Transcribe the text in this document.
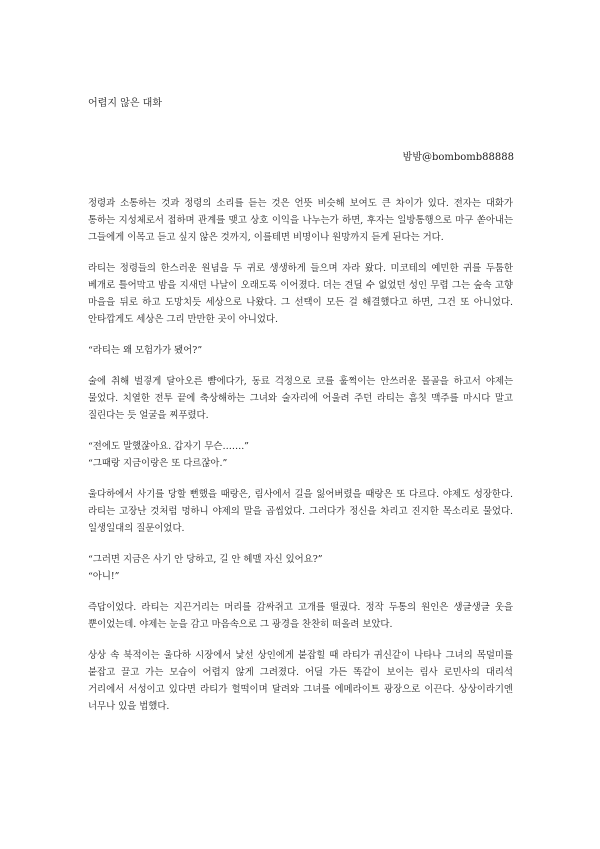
어렵지 않은 대화

밤밤@bombomb88888

정령과 소통하는 것과 정령의 소리를 듣는 것은 언뜻 비슷해 보여도 큰 차이가 있다. 전자는 대화가 통하는 지성체로서 접하며 관계를 맺고 상호 이익을 나누는가 하면, 후자는 일방통행으로 마구 쏟아내는 그들에게 이목고 듣고 싶지 않은 것까지, 이를테면 비명이나 원망까지 듣게 된다는 거다.

라티는 정령들의 한스러운 원념을 두 귀로 생생하게 들으며 자라 왔다. 미코테의 예민한 귀를 두툼한 베개로 틀어막고 밤을 지새던 나날이 오래도록 이어졌다. 더는 견딜 수 없었던 성인 무렵 그는 숲속 고향 마을을 뒤로 하고 도망치듯 세상으로 나왔다. 그 선택이 모든 걸 해결했다고 하면, 그건 또 아니었다. 안타깝게도 세상은 그리 만만한 곳이 아니었다.

“라티는 왜 모험가가 됐어?”

술에 취해 벌겋게 달아오른 뺨에다가, 동료 걱정으로 코를 훌쩍이는 안쓰러운 몰골을 하고서 야제는 물었다. 치열한 전투 끝에 축상해하는 그녀와 술자리에 어울려 주던 라티는 흠칫 맥주를 마시다 말고 질린다는 듯 얼굴을 찌푸렸다.

“전에도 말했잖아요. 갑자기 무슨…….”

“그때랑 지금이랑은 또 다르잖아.”

울다하에서 사기를 당할 뻔했을 때랑은, 림사에서 길을 잃어버렸을 때랑은 또 다르다. 야제도 성장한다. 라티는 고장난 것처럼 멍하니 야제의 말을 곱씹었다. 그러다가 정신을 차리고 진지한 목소리로 물었다. 일생일대의 질문이었다.

“그러면 지금은 사기 안 당하고, 길 안 헤맬 자신 있어요?”

“아니!”

즉답이었다. 라티는 지끈거리는 머리를 감싸쥐고 고개를 떨궜다. 정작 두통의 원인은 생글생글 웃을 뿐이었는데. 야제는 눈을 감고 마음속으로 그 광경을 찬찬히 떠올려 보았다.

상상 속 북적이는 울다하 시장에서 낯선 상인에게 붙잡힐 때 라티가 귀신같이 나타나 그녀의 목덜미를 붙잡고 끌고 가는 모습이 어렵지 않게 그려졌다. 어딜 가든 똑같이 보이는 림사 로민사의 대리석 거리에서 서성이고 있다면 라티가 헐떡이며 달려와 그녀를 에메라이트 광장으로 이끈다. 상상이라기엔 너무나 있을 법했다.
